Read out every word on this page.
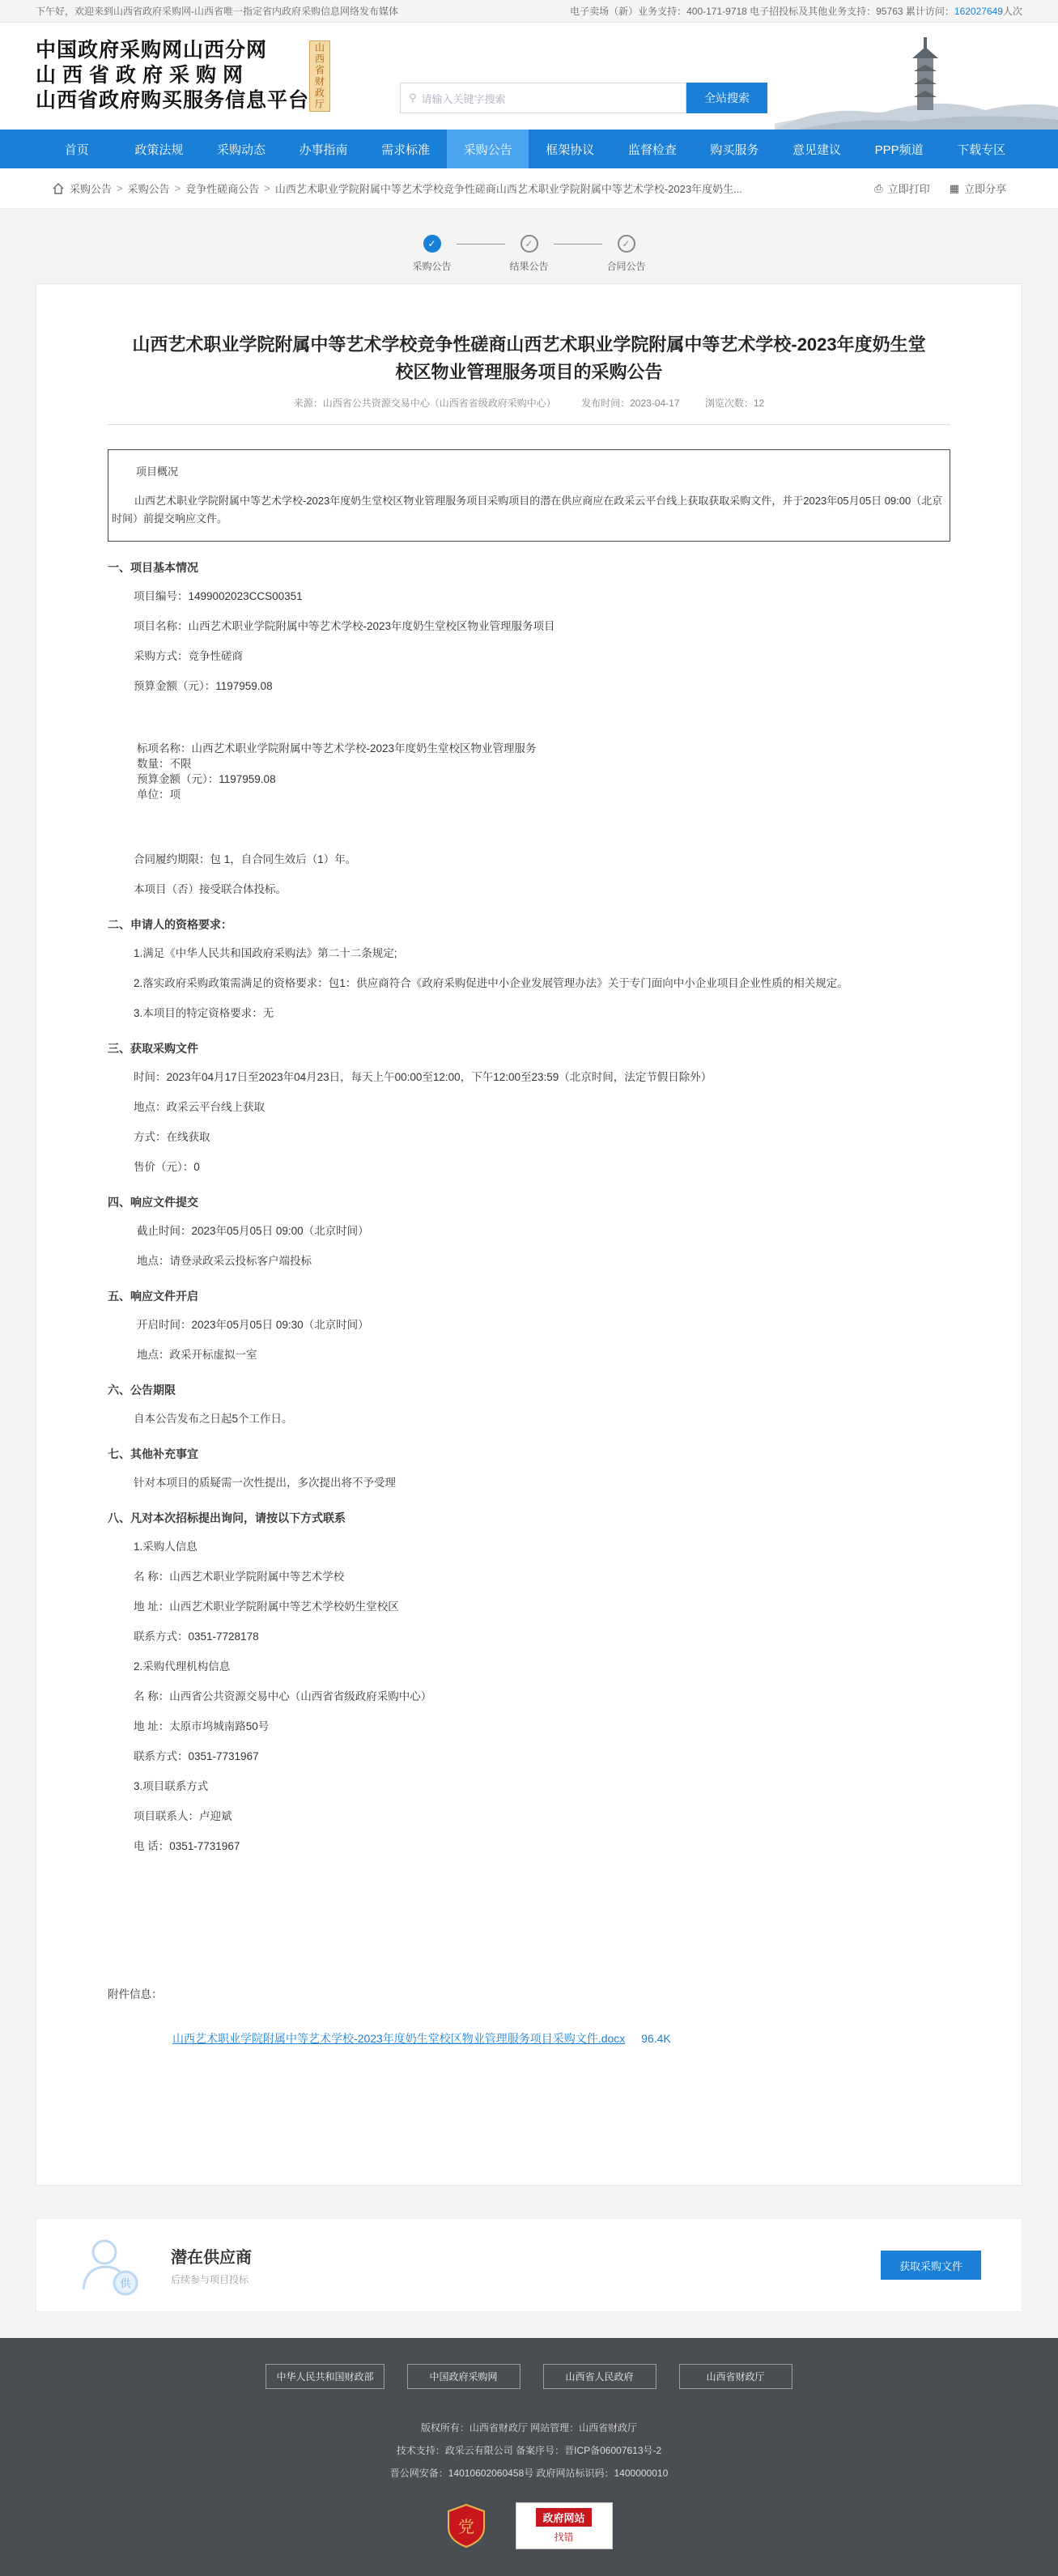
下午好，欢迎来到山西省政府采购网-山西省唯一指定省内政府采购信息网络发布媒体	电子卖场（新）业务支持：400-171-9718 电子招投标及其他业务支持：95763 累计访问：162027649人次
中国政府采购网山西分网
山西省政府采购网
山西省政府购买服务信息平台 山西省财政厅	⚲ 请输入关键字搜索	全站搜索
首页	政策法规	采购动态	办事指南	需求标准	采购公告	框架协议	监督检查	购买服务	意见建议	PPP频道	下载专区
采购公告 > 采购公告 > 竞争性磋商公告 > 山西艺术职业学院附属中等艺术学校竞争性磋商山西艺术职业学院附属中等艺术学校-2023年度奶生...	⎙ 立即打印 ▦ 立即分享
✓
采购公告
✓
结果公告
✓
合同公告
山西艺术职业学院附属中等艺术学校竞争性磋商山西艺术职业学院附属中等艺术学校-2023年度奶生堂校区物业管理服务项目的采购公告
来源：山西省公共资源交易中心（山西省省级政府采购中心）	发布时间：2023-04-17	浏览次数：12
项目概况
山西艺术职业学院附属中等艺术学校-2023年度奶生堂校区物业管理服务项目采购项目的潜在供应商应在政采云平台线上获取获取采购文件，并于2023年05月05日 09:00（北京时间）前提交响应文件。
一、项目基本情况
项目编号：1499002023CCS00351
项目名称：山西艺术职业学院附属中等艺术学校-2023年度奶生堂校区物业管理服务项目
采购方式：竞争性磋商
预算金额（元）：1197959.08
标项名称：山西艺术职业学院附属中等艺术学校-2023年度奶生堂校区物业管理服务
数量：不限
预算金额（元）：1197959.08
单位：项
合同履约期限：包 1，自合同生效后（1）年。
本项目（否）接受联合体投标。
二、申请人的资格要求：
1.满足《中华人民共和国政府采购法》第二十二条规定;
2.落实政府采购政策需满足的资格要求：包1：供应商符合《政府采购促进中小企业发展管理办法》关于专门面向中小企业项目企业性质的相关规定。
3.本项目的特定资格要求：无
三、获取采购文件
时间：2023年04月17日至2023年04月23日，每天上午00:00至12:00，下午12:00至23:59（北京时间，法定节假日除外）
地点：政采云平台线上获取
方式：在线获取
售价（元）：0
四、响应文件提交
截止时间：2023年05月05日 09:00（北京时间）
地点：请登录政采云投标客户端投标
五、响应文件开启
开启时间：2023年05月05日 09:30（北京时间）
地点：政采开标虚拟一室
六、公告期限
自本公告发布之日起5个工作日。
七、其他补充事宜
针对本项目的质疑需一次性提出，多次提出将不予受理
八、凡对本次招标提出询问，请按以下方式联系
1.采购人信息
名 称：山西艺术职业学院附属中等艺术学校
地 址：山西艺术职业学院附属中等艺术学校奶生堂校区
联系方式：0351-7728178
2.采购代理机构信息
名 称：山西省公共资源交易中心（山西省省级政府采购中心）
地 址：太原市坞城南路50号
联系方式：0351-7731967
3.项目联系方式
项目联系人：卢迎斌
电 话：0351-7731967
附件信息：
山西艺术职业学院附属中等艺术学校-2023年度奶生堂校区物业管理服务项目采购文件.docx 96.4K
供
潜在供应商
后续参与项目投标
获取采购文件
中华人民共和国财政部	中国政府采购网	山西省人民政府	山西省财政厅
版权所有：山西省财政厅 网站管理：山西省财政厅
技术支持：政采云有限公司 备案序号：晋ICP备06007613号-2
晋公网安备：14010602060458号 政府网站标识码：1400000010
党	政府网站
找错
